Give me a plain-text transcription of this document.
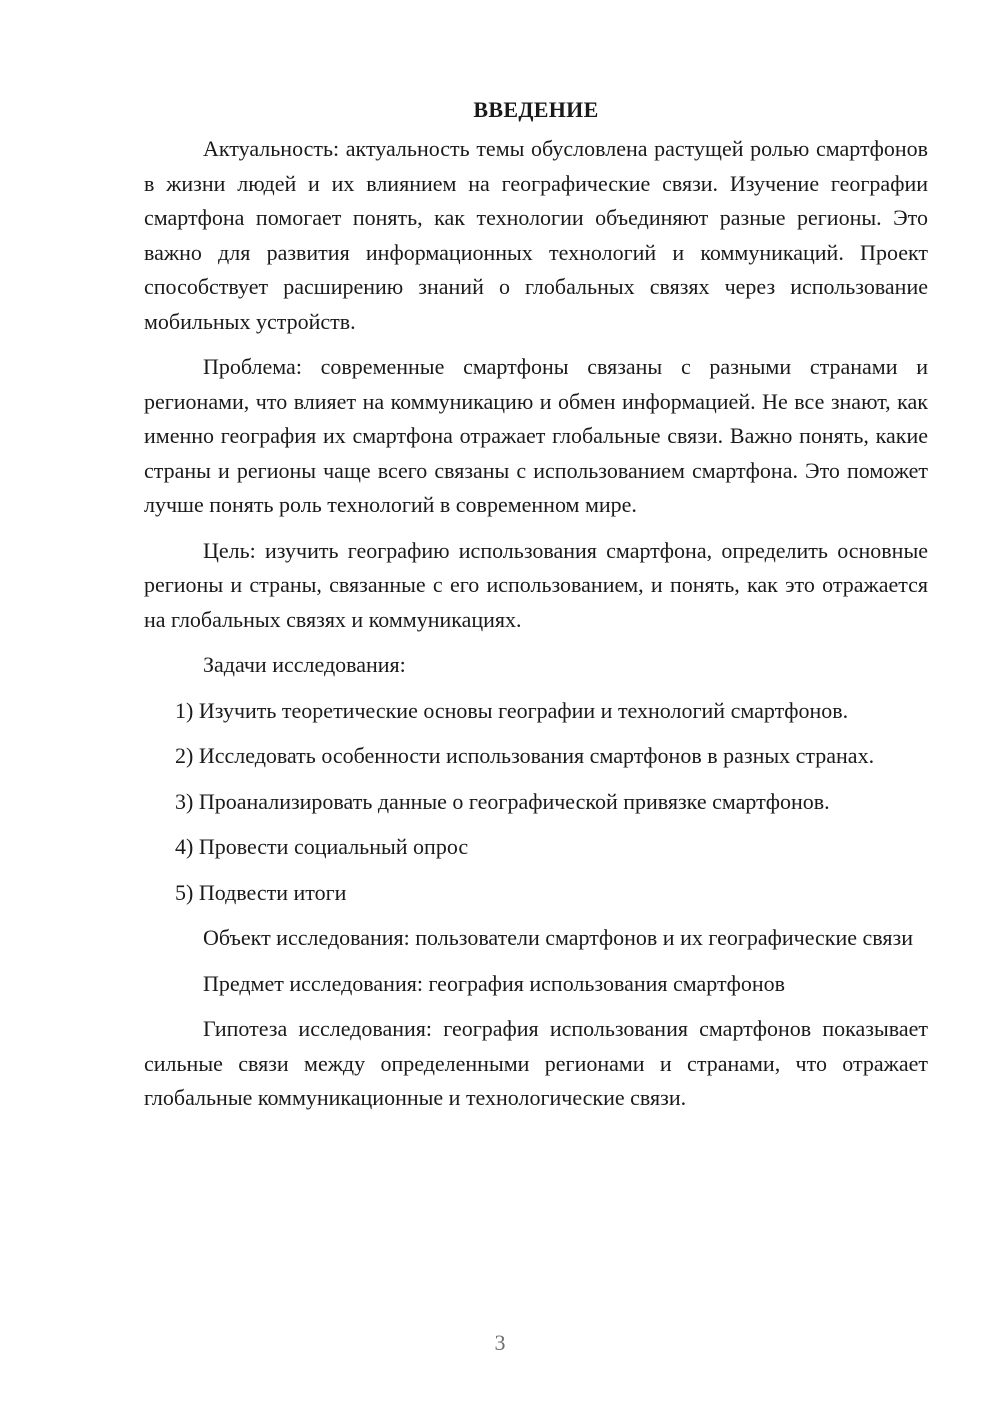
ВВЕДЕНИЕ

Актуальность: актуальность темы обусловлена растущей ролью смартфонов в жизни людей и их влиянием на географические связи. Изучение географии смартфона помогает понять, как технологии объединяют разные регионы. Это важно для развития информационных технологий и коммуникаций. Проект способствует расширению знаний о глобальных связях через использование мобильных устройств.

Проблема: современные смартфоны связаны с разными странами и регионами, что влияет на коммуникацию и обмен информацией. Не все знают, как именно география их смартфона отражает глобальные связи. Важно понять, какие страны и регионы чаще всего связаны с использованием смартфона. Это поможет лучше понять роль технологий в современном мире.

Цель: изучить географию использования смартфона, определить основные регионы и страны, связанные с его использованием, и понять, как это отражается на глобальных связях и коммуникациях.

Задачи исследования:

1) Изучить теоретические основы географии и технологий смартфонов.

2) Исследовать особенности использования смартфонов в разных странах.

3) Проанализировать данные о географической привязке смартфонов.

4) Провести социальный опрос

5) Подвести итоги

Объект исследования: пользователи смартфонов и их географические связи

Предмет исследования: география использования смартфонов

Гипотеза исследования: география использования смартфонов показывает сильные связи между определенными регионами и странами, что отражает глобальные коммуникационные и технологические связи.

3
